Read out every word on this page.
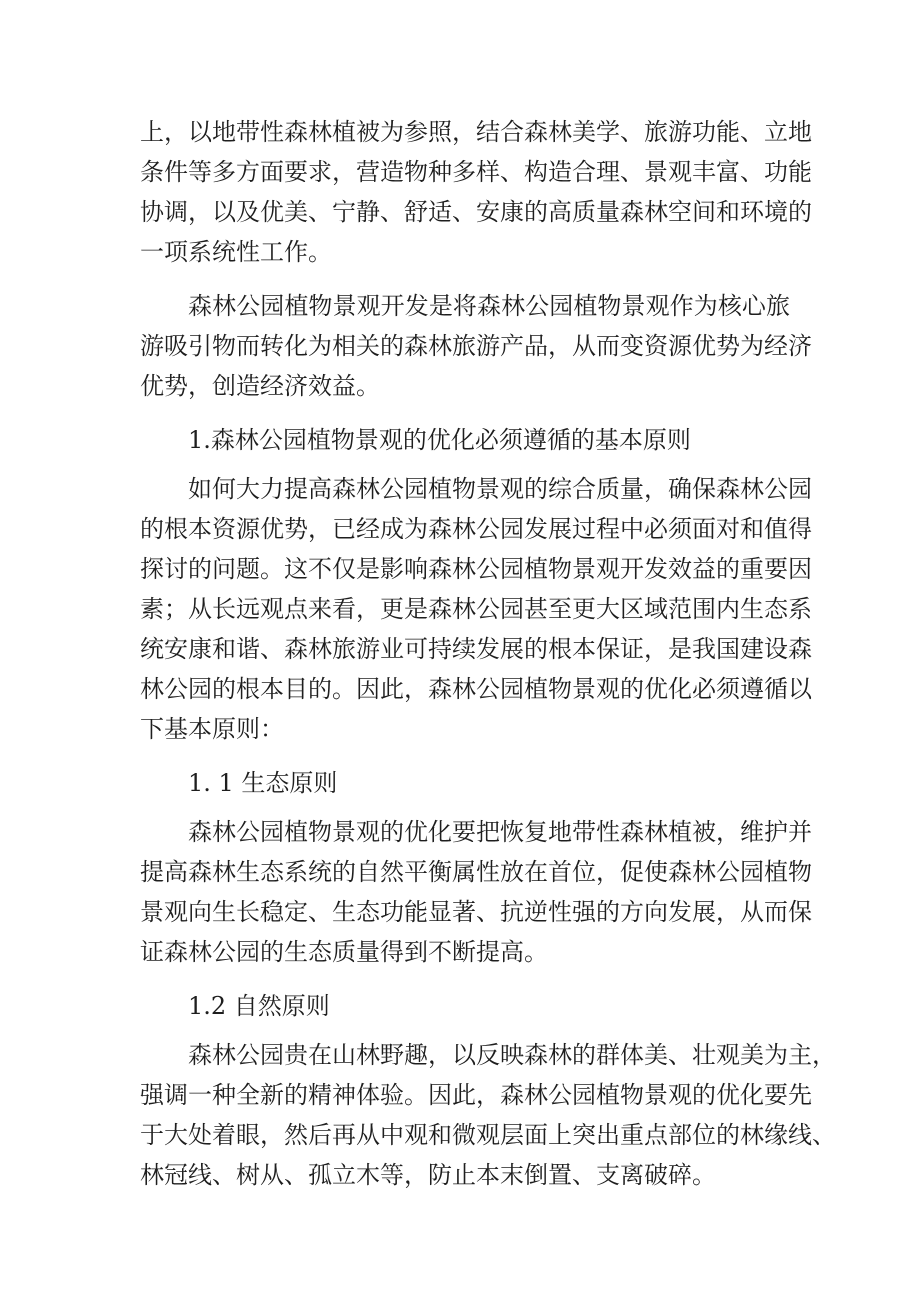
上，以地带性森林植被为参照，结合森林美学、旅游功能、立地
条件等多方面要求，营造物种多样、构造合理、景观丰富、功能
协调，以及优美、宁静、舒适、安康的高质量森林空间和环境的
一项系统性工作。
森林公园植物景观开发是将森林公园植物景观作为核心旅
游吸引物而转化为相关的森林旅游产品，从而变资源优势为经济
优势，创造经济效益。
1.森林公园植物景观的优化必须遵循的基本原则
如何大力提高森林公园植物景观的综合质量，确保森林公园
的根本资源优势，已经成为森林公园发展过程中必须面对和值得
探讨的问题。这不仅是影响森林公园植物景观开发效益的重要因
素；从长远观点来看，更是森林公园甚至更大区域范围内生态系
统安康和谐、森林旅游业可持续发展的根本保证，是我国建设森
林公园的根本目的。因此，森林公园植物景观的优化必须遵循以
下基本原则：
1. 1 生态原则
森林公园植物景观的优化要把恢复地带性森林植被，维护并
提高森林生态系统的自然平衡属性放在首位，促使森林公园植物
景观向生长稳定、生态功能显著、抗逆性强的方向发展，从而保
证森林公园的生态质量得到不断提高。
1.2 自然原则
森林公园贵在山林野趣，以反映森林的群体美、壮观美为主，
强调一种全新的精神体验。因此，森林公园植物景观的优化要先
于大处着眼，然后再从中观和微观层面上突出重点部位的林缘线、
林冠线、树从、孤立木等，防止本末倒置、支离破碎。
